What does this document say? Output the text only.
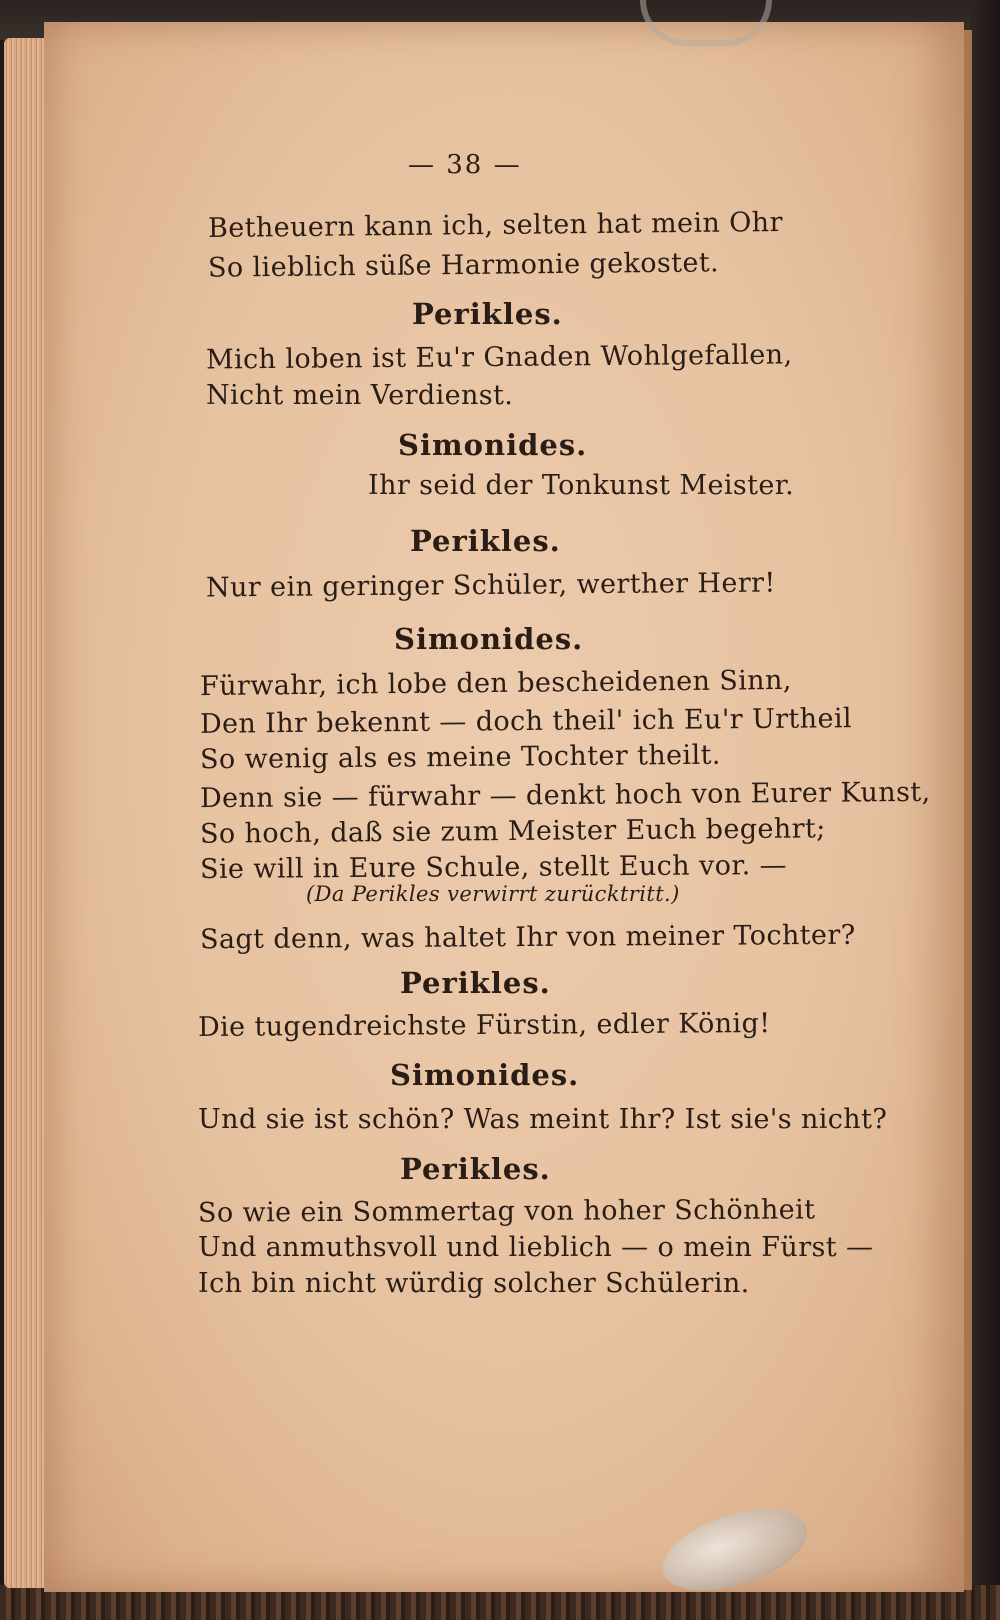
— 38 —
Betheuern kann ich, selten hat mein Ohr
So lieblich süße Harmonie gekostet.
Perikles.
Mich loben ist Eu'r Gnaden Wohlgefallen,
Nicht mein Verdienst.
Simonides.
Ihr seid der Tonkunst Meister.
Perikles.
Nur ein geringer Schüler, werther Herr!
Simonides.
Fürwahr, ich lobe den bescheidenen Sinn,
Den Ihr bekennt — doch theil' ich Eu'r Urtheil
So wenig als es meine Tochter theilt.
Denn sie — fürwahr — denkt hoch von Eurer Kunst,
So hoch, daß sie zum Meister Euch begehrt;
Sie will in Eure Schule, stellt Euch vor. —
(Da Perikles verwirrt zurücktritt.)
Sagt denn, was haltet Ihr von meiner Tochter?
Perikles.
Die tugendreichste Fürstin, edler König!
Simonides.
Und sie ist schön? Was meint Ihr? Ist sie's nicht?
Perikles.
So wie ein Sommertag von hoher Schönheit
Und anmuthsvoll und lieblich — o mein Fürst —
Ich bin nicht würdig solcher Schülerin.
